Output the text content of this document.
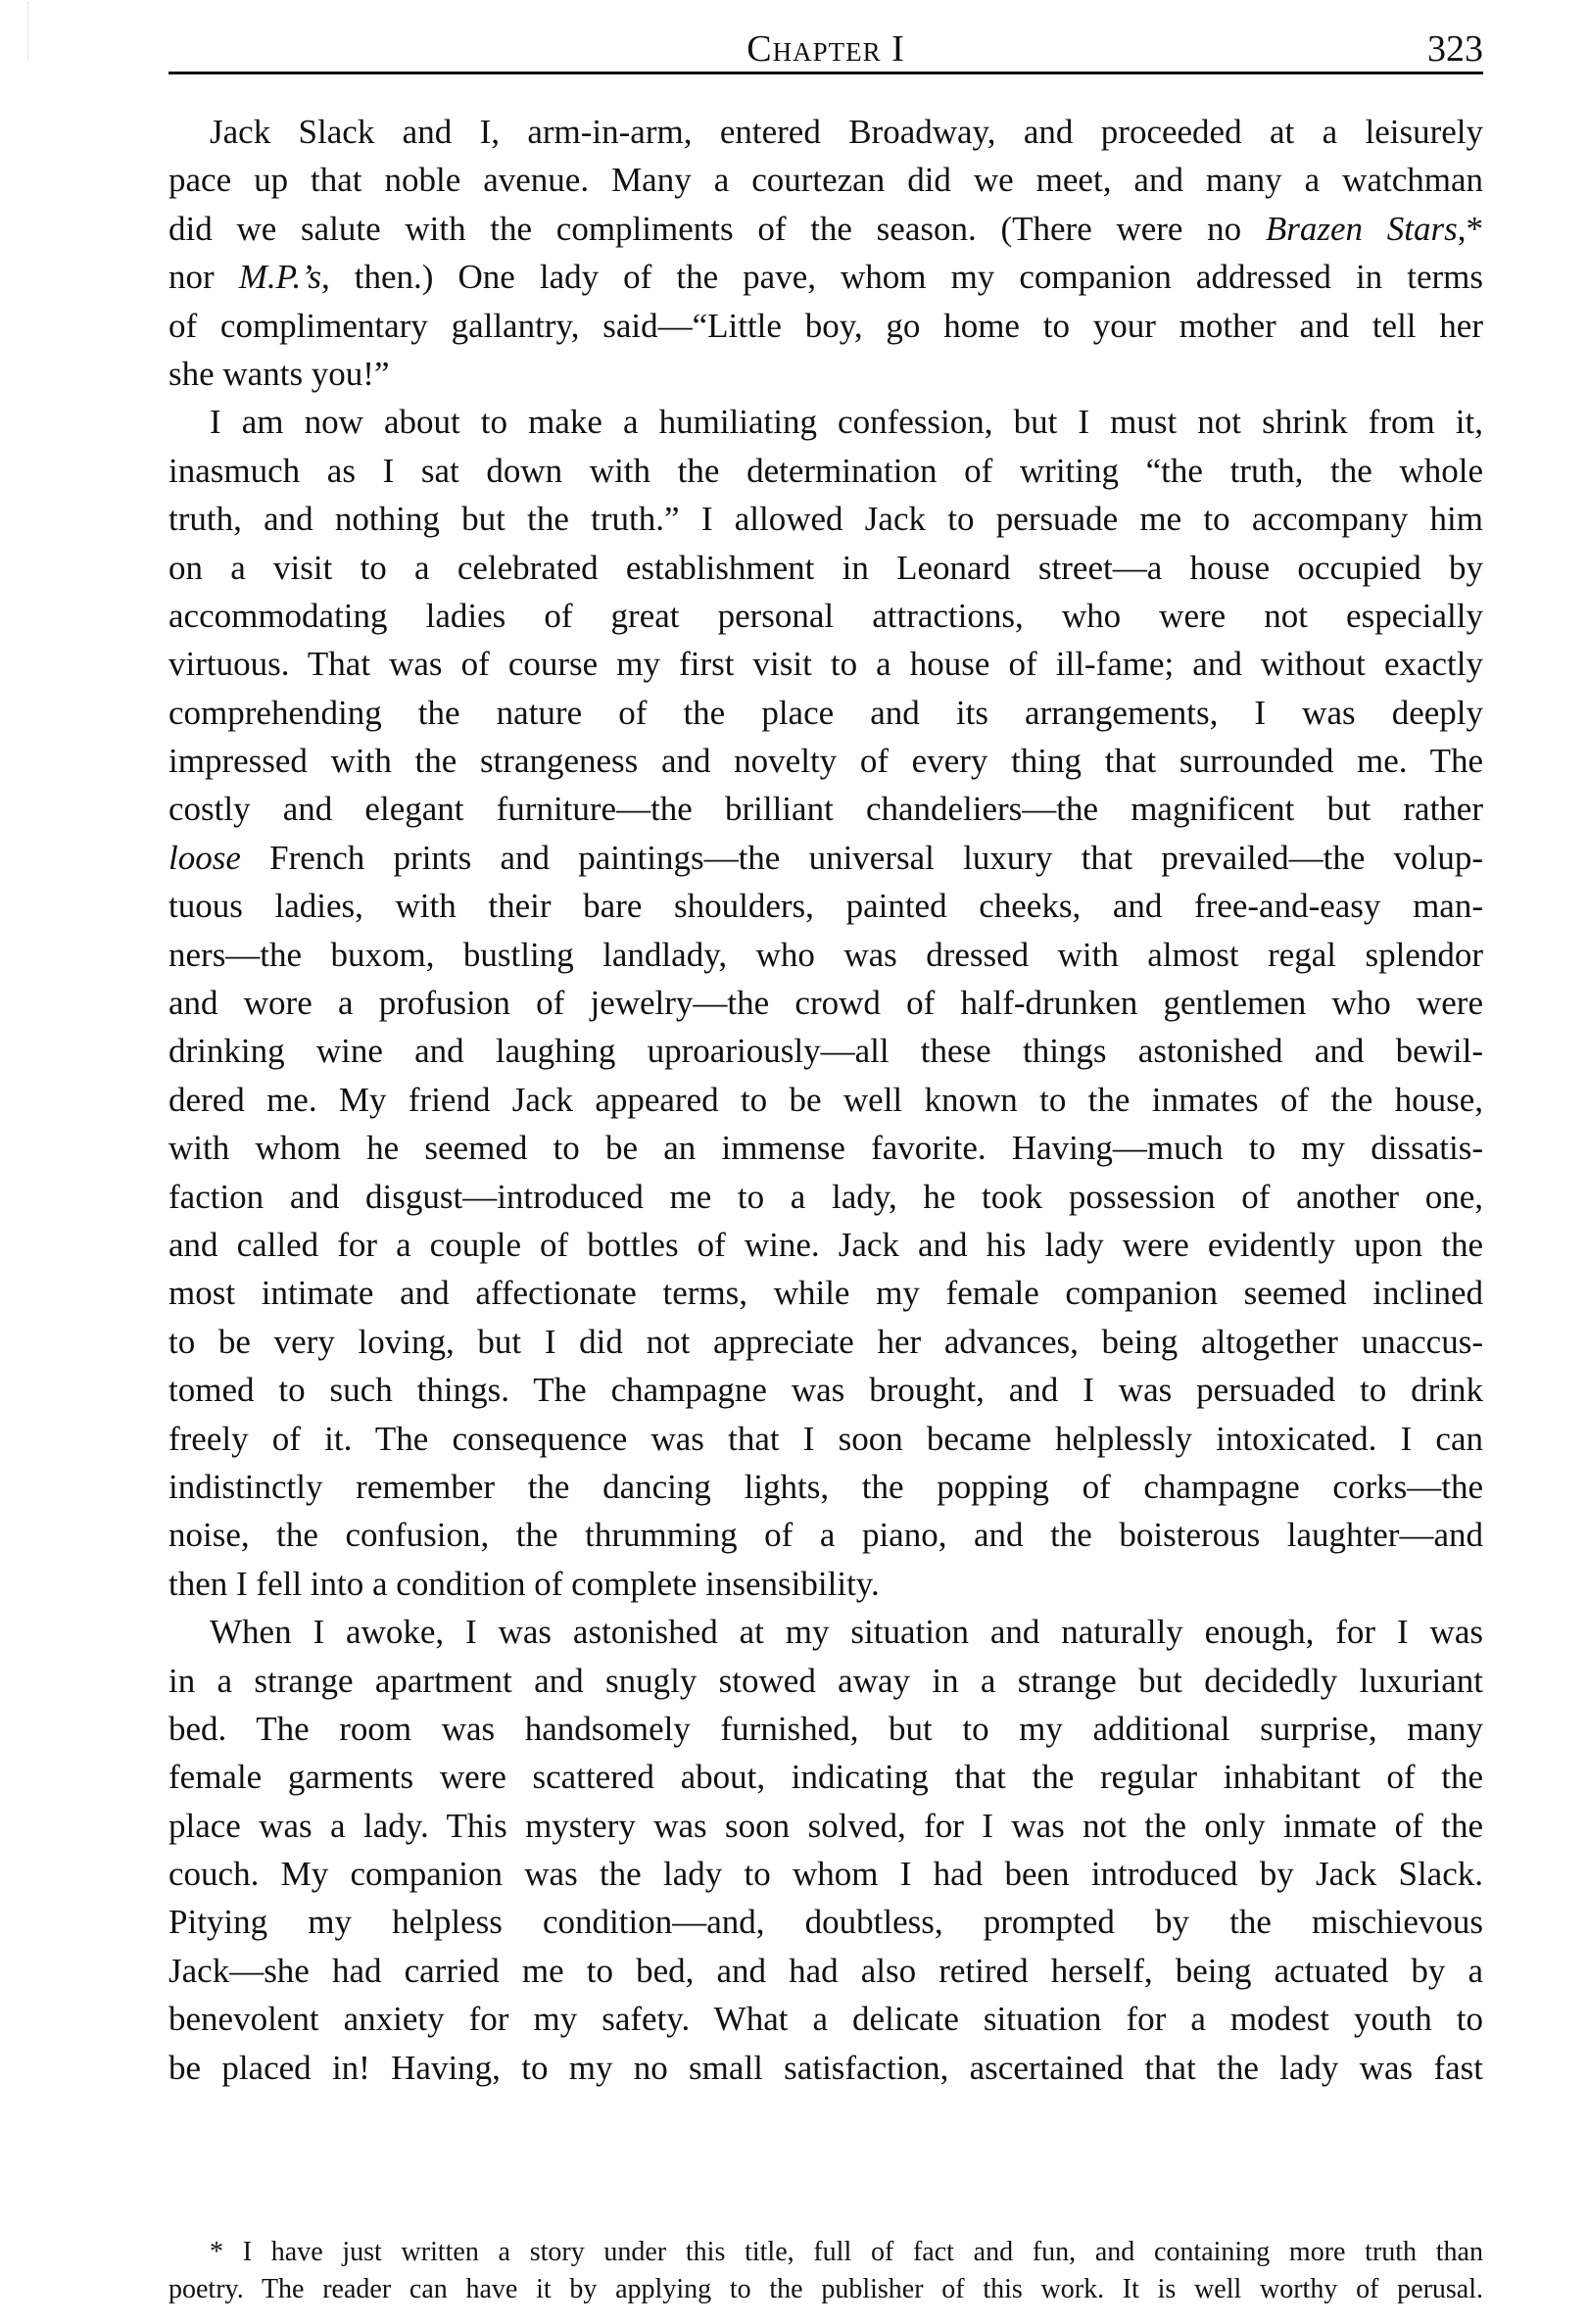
Chapter I	323
Jack Slack and I, arm-in-arm, entered Broadway, and proceeded at a leisurely
pace up that noble avenue. Many a courtezan did we meet, and many a watchman
did we salute with the compliments of the season. (There were no Brazen Stars,*
nor M.P.’s, then.) One lady of the pave, whom my companion addressed in terms
of complimentary gallantry, said—“Little boy, go home to your mother and tell her
she wants you!”
I am now about to make a humiliating confession, but I must not shrink from it,
inasmuch as I sat down with the determination of writing “the truth, the whole
truth, and nothing but the truth.” I allowed Jack to persuade me to accompany him
on a visit to a celebrated establishment in Leonard street—a house occupied by
accommodating ladies of great personal attractions, who were not especially
virtuous. That was of course my first visit to a house of ill-fame; and without exactly
comprehending the nature of the place and its arrangements, I was deeply
impressed with the strangeness and novelty of every thing that surrounded me. The
costly and elegant furniture—the brilliant chandeliers—the magnificent but rather
loose French prints and paintings—the universal luxury that prevailed—the volup-
tuous ladies, with their bare shoulders, painted cheeks, and free-and-easy man-
ners—the buxom, bustling landlady, who was dressed with almost regal splendor
and wore a profusion of jewelry—the crowd of half-drunken gentlemen who were
drinking wine and laughing uproariously—all these things astonished and bewil-
dered me. My friend Jack appeared to be well known to the inmates of the house,
with whom he seemed to be an immense favorite. Having—much to my dissatis-
faction and disgust—introduced me to a lady, he took possession of another one,
and called for a couple of bottles of wine. Jack and his lady were evidently upon the
most intimate and affectionate terms, while my female companion seemed inclined
to be very loving, but I did not appreciate her advances, being altogether unaccus-
tomed to such things. The champagne was brought, and I was persuaded to drink
freely of it. The consequence was that I soon became helplessly intoxicated. I can
indistinctly remember the dancing lights, the popping of champagne corks—the
noise, the confusion, the thrumming of a piano, and the boisterous laughter—and
then I fell into a condition of complete insensibility.
When I awoke, I was astonished at my situation and naturally enough, for I was
in a strange apartment and snugly stowed away in a strange but decidedly luxuriant
bed. The room was handsomely furnished, but to my additional surprise, many
female garments were scattered about, indicating that the regular inhabitant of the
place was a lady. This mystery was soon solved, for I was not the only inmate of the
couch. My companion was the lady to whom I had been introduced by Jack Slack.
Pitying my helpless condition—and, doubtless, prompted by the mischievous
Jack—she had carried me to bed, and had also retired herself, being actuated by a
benevolent anxiety for my safety. What a delicate situation for a modest youth to
be placed in! Having, to my no small satisfaction, ascertained that the lady was fast
* I have just written a story under this title, full of fact and fun, and containing more truth than
poetry. The reader can have it by applying to the publisher of this work. It is well worthy of perusal.
